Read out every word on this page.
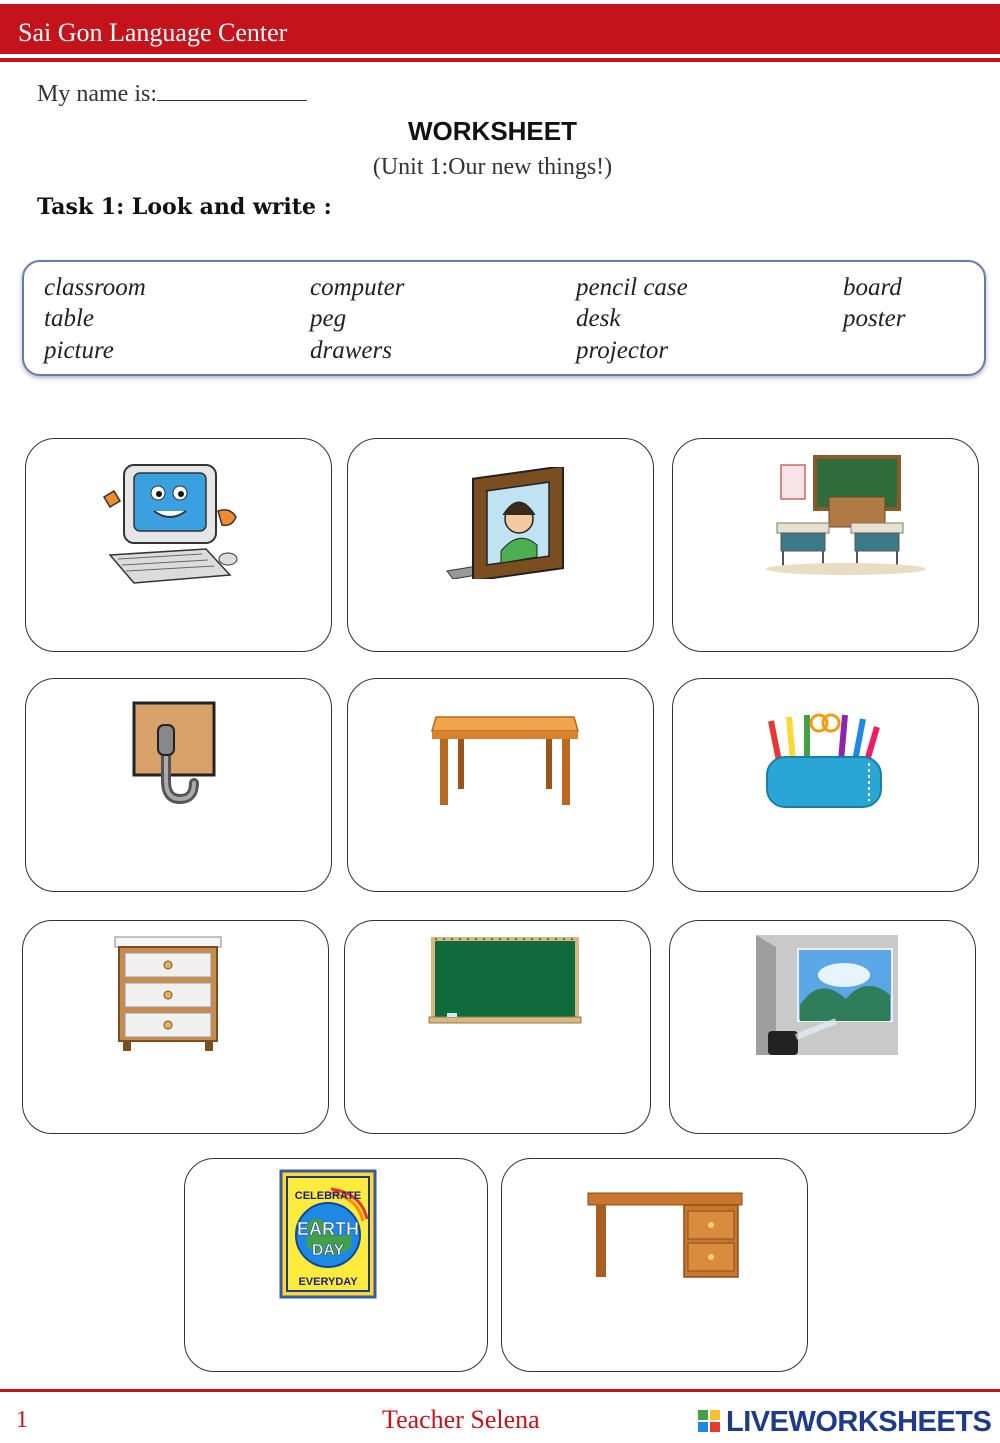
Sai Gon Language Center
My name is:
WORKSHEET
(Unit 1:Our new things!)
Task 1: Look and write :
classroom	computer	pencil case	board
table	peg	desk	poster
picture	drawers	projector
CELEBRATE
EARTH
DAY
EVERYDAY
1	Teacher Selena	LIVEWORKSHEETS
